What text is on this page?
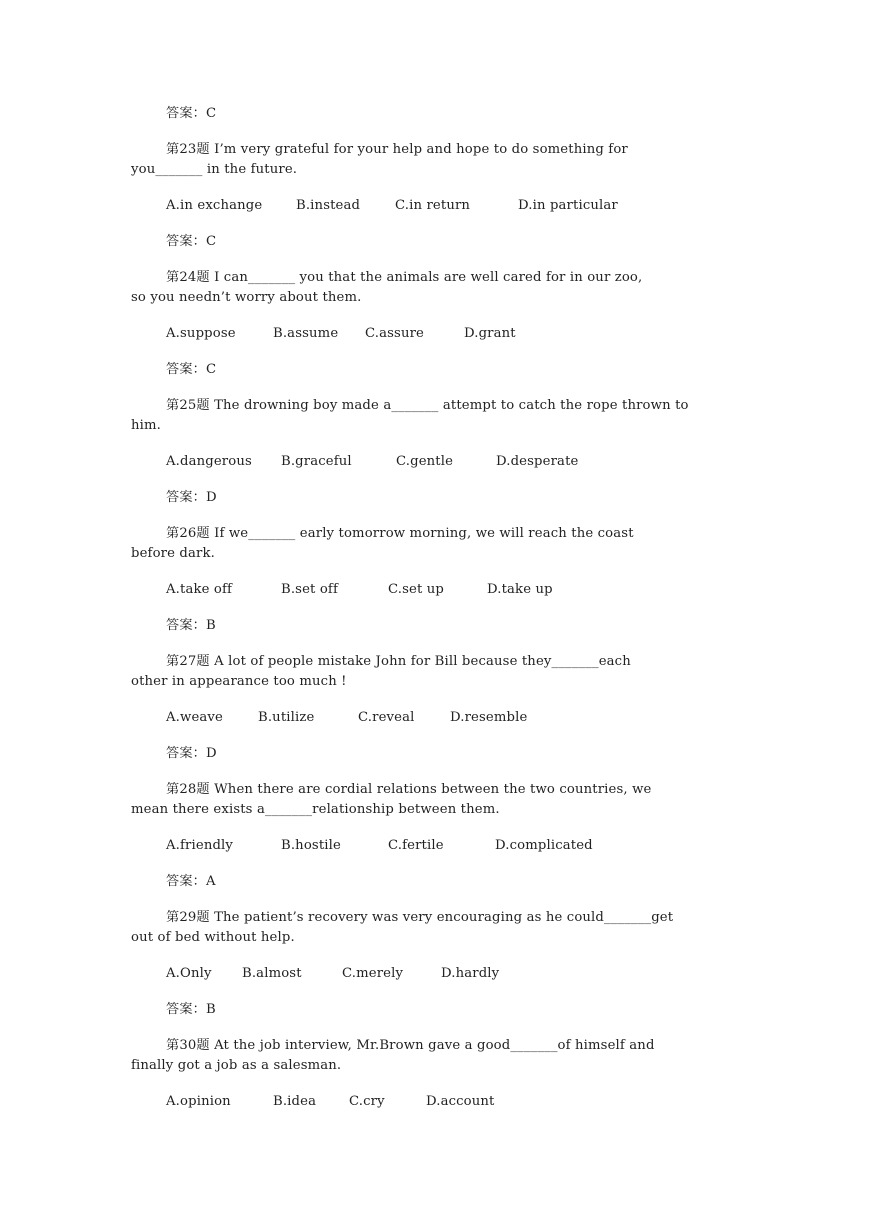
答案：C
第23题 I’m very grateful for your help and hope to do something for
you_______ in the future.
A.in exchange	B.instead	C.in return	D.in particular
答案：C
第24题 I can_______ you that the animals are well cared for in our zoo,
so you needn’t worry about them.
A.suppose	B.assume	C.assure	D.grant
答案：C
第25题 The drowning boy made a_______ attempt to catch the rope thrown to
him.
A.dangerous	B.graceful	C.gentle	D.desperate
答案：D
第26题 If we_______ early tomorrow morning, we will reach the coast
before dark.
A.take off	B.set off	C.set up	D.take up
答案：B
第27题 A lot of people mistake John for Bill because they_______each
other in appearance too much !
A.weave	B.utilize	C.reveal	D.resemble
答案：D
第28题 When there are cordial relations between the two countries, we
mean there exists a_______relationship between them.
A.friendly	B.hostile	C.fertile	D.complicated
答案：A
第29题 The patient’s recovery was very encouraging as he could_______get
out of bed without help.
A.Only	B.almost	C.merely	D.hardly
答案：B
第30题 At the job interview, Mr.Brown gave a good_______of himself and
finally got a job as a salesman.
A.opinion	B.idea	C.cry	D.account
